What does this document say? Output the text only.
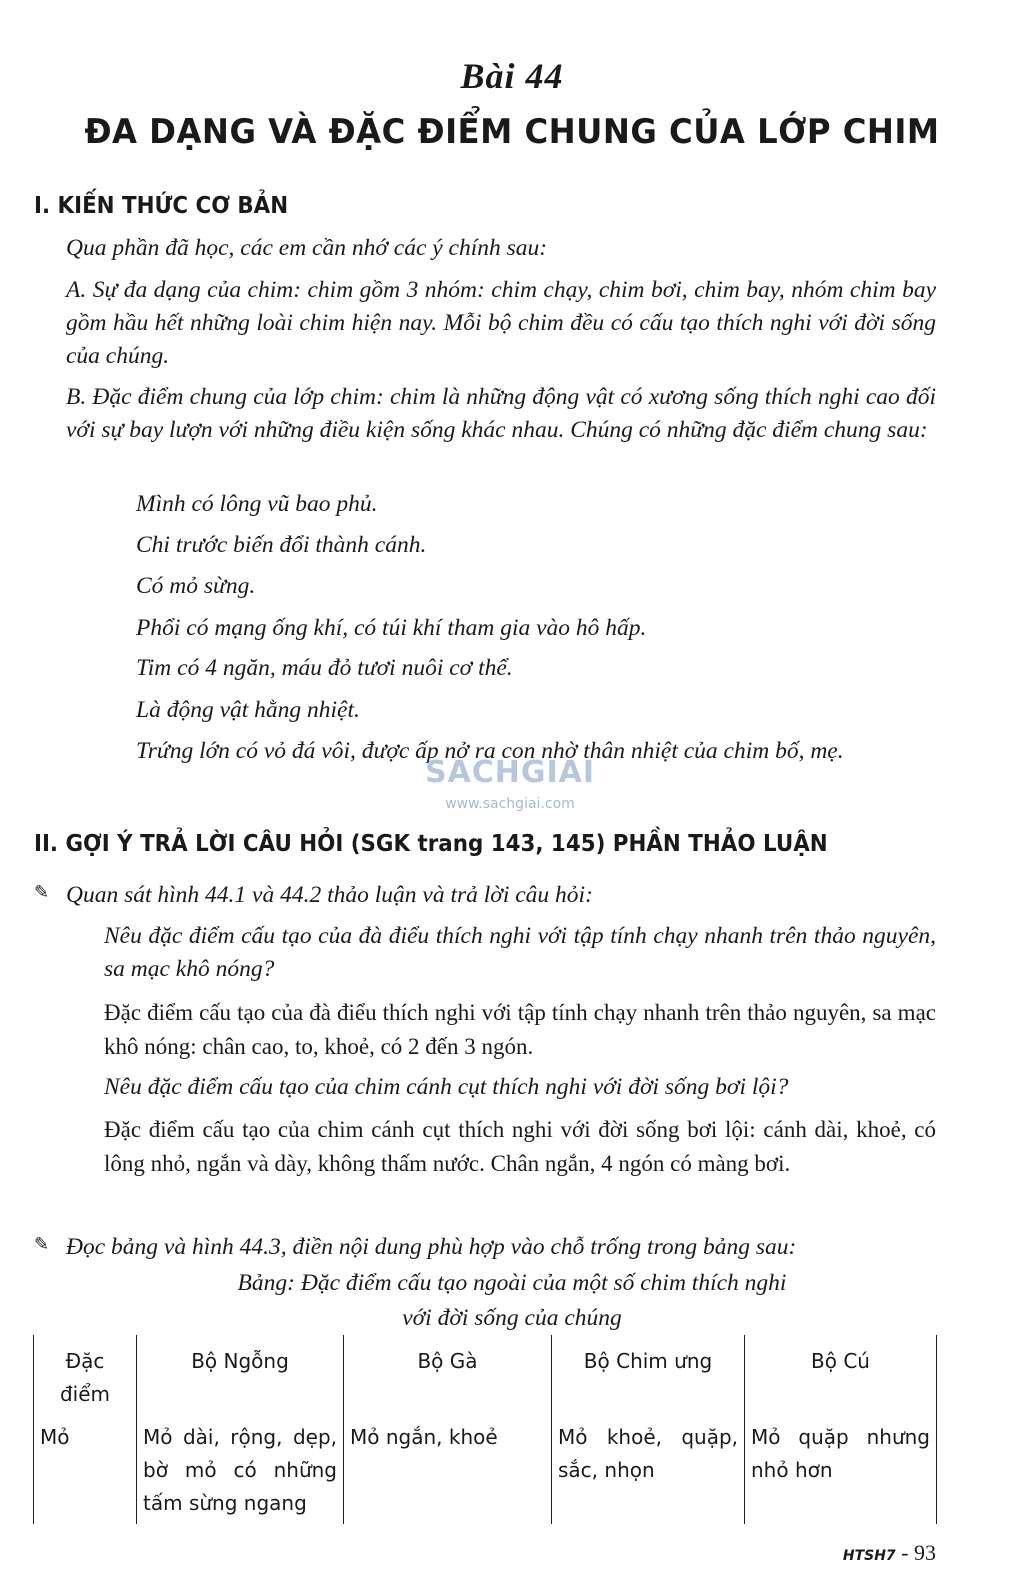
Bài 44
ĐA DẠNG VÀ ĐẶC ĐIỂM CHUNG CỦA LỚP CHIM
I. KIẾN THỨC CƠ BẢN
Qua phần đã học, các em cần nhớ các ý chính sau:
A. Sự đa dạng của chim: chim gồm 3 nhóm: chim chạy, chim bơi, chim bay, nhóm chim bay gồm hầu hết những loài chim hiện nay. Mỗi bộ chim đều có cấu tạo thích nghi với đời sống của chúng.
B. Đặc điểm chung của lớp chim: chim là những động vật có xương sống thích nghi cao đối với sự bay lượn với những điều kiện sống khác nhau. Chúng có những đặc điểm chung sau:
Mình có lông vũ bao phủ.
Chi trước biến đổi thành cánh.
Có mỏ sừng.
Phổi có mạng ống khí, có túi khí tham gia vào hô hấp.
Tim có 4 ngăn, máu đỏ tươi nuôi cơ thể.
Là động vật hằng nhiệt.
Trứng lớn có vỏ đá vôi, được ấp nở ra con nhờ thân nhiệt của chim bố, mẹ.
SACHGIAI
www.sachgiai.com
II. GỢI Ý TRẢ LỜI CÂU HỎI (SGK trang 143, 145) PHẦN THẢO LUẬN
✎ Quan sát hình 44.1 và 44.2 thảo luận và trả lời câu hỏi:
Nêu đặc điểm cấu tạo của đà điểu thích nghi với tập tính chạy nhanh trên thảo nguyên, sa mạc khô nóng?
Đặc điểm cấu tạo của đà điểu thích nghi với tập tính chạy nhanh trên thảo nguyên, sa mạc khô nóng: chân cao, to, khoẻ, có 2 đến 3 ngón.
Nêu đặc điểm cấu tạo của chim cánh cụt thích nghi với đời sống bơi lội?
Đặc điểm cấu tạo của chim cánh cụt thích nghi với đời sống bơi lội: cánh dài, khoẻ, có lông nhỏ, ngắn và dày, không thấm nước. Chân ngắn, 4 ngón có màng bơi.
✎ Đọc bảng và hình 44.3, điền nội dung phù hợp vào chỗ trống trong bảng sau:
Bảng: Đặc điểm cấu tạo ngoài của một số chim thích nghi
với đời sống của chúng
Đặc điểm	Bộ Ngỗng	Bộ Gà	Bộ Chim ưng	Bộ Cú
Mỏ	Mỏ dài, rộng, dẹp, bờ mỏ có những tấm sừng ngang	Mỏ ngắn, khoẻ	Mỏ khoẻ, quặp, sắc, nhọn	Mỏ quặp nhưng nhỏ hơn
HTSH7 - 93
